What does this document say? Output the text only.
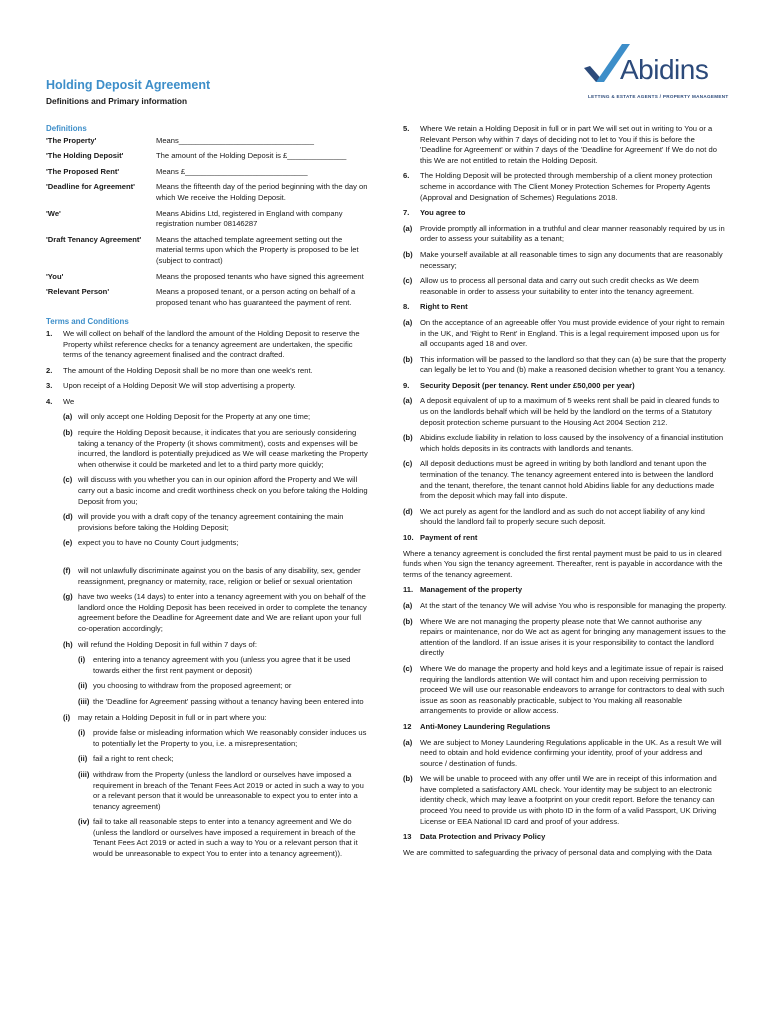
Holding Deposit Agreement
Definitions and Primary information
Abidins
LETTING & ESTATE AGENTS / PROPERTY MANAGEMENT
Definitions
'The Property'	Means________________________________
'The Holding Deposit'	The amount of the Holding Deposit is £______________
'The Proposed Rent'	Means £_____________________________
'Deadline for Agreement'	Means the fifteenth day of the period beginning with the day on which We receive the Holding Deposit.
'We'	Means Abidins Ltd, registered in England with company registration number 08146287
'Draft Tenancy Agreement'	Means the attached template agreement setting out the material terms upon which the Property is proposed to be let (subject to contract)
'You'	Means the proposed tenants who have signed this agreement
'Relevant Person'	Means a proposed tenant, or a person acting on behalf of a proposed tenant who has guaranteed the payment of rent.
Terms and Conditions
1.	We will collect on behalf of the landlord the amount of the Holding Deposit to reserve the Property whilst reference checks for a tenancy agreement are undertaken, the specific terms of the tenancy agreement finalised and the contract drafted.
2.	The amount of the Holding Deposit shall be no more than one week's rent.
3.	Upon receipt of a Holding Deposit We will stop advertising a property.
4.	We
(a) will only accept one Holding Deposit for the Property at any one time;
(b) require the Holding Deposit because, it indicates that you are seriously considering taking a tenancy of the Property (it shows commitment), costs and expenses will be incurred, the landlord is potentially prejudiced as We will cease marketing the Property when otherwise it could be marketed and let to a third party more quickly;
(c) will discuss with you whether you can in our opinion afford the Property and We will carry out a basic income and credit worthiness check on you before taking the Holding Deposit from you;
(d) will provide you with a draft copy of the tenancy agreement containing the main provisions before taking the Holding Deposit;
(e) expect you to have no County Court judgments;
(f) will not unlawfully discriminate against you on the basis of any disability, sex, gender reassignment, pregnancy or maternity, race, religion or belief or sexual orientation
(g) have two weeks (14 days) to enter into a tenancy agreement with you on behalf of the landlord once the Holding Deposit has been received in order to complete the tenancy agreement before the Deadline for Agreement date and We are reliant upon your full co-operation accordingly;
(h) will refund the Holding Deposit in full within 7 days of:
(i)	entering into a tenancy agreement with you (unless you agree that it be used towards either the first rent payment or deposit)
(ii) you choosing to withdraw from the proposed agreement; or
(iii) the 'Deadline for Agreement' passing without a tenancy having been entered into
(i)	may retain a Holding Deposit in full or in part where you:
(i)	provide false or misleading information which We reasonably consider induces us to potentially let the Property to you, i.e. a misrepresentation;
(ii) fail a right to rent check;
(iii) withdraw from the Property (unless the landlord or ourselves have imposed a requirement in breach of the Tenant Fees Act 2019 or acted in such a way to you or a relevant person that it would be unreasonable to expect you to enter into a tenancy agreement)
(iv) fail to take all reasonable steps to enter into a tenancy agreement and We do (unless the landlord or ourselves have imposed a requirement in breach of the Tenant Fees Act 2019 or acted in such a way to You or a relevant person that it would be unreasonable to expect You to enter into a tenancy agreement)).
5.	Where We retain a Holding Deposit in full or in part We will set out in writing to You or a Relevant Person why within 7 days of deciding not to let to You if this is before the 'Deadline for Agreement' or within 7 days of the 'Deadline for Agreement' If We do not do this We are not entitled to retain the Holding Deposit.
6.	The Holding Deposit will be protected through membership of a client money protection scheme in accordance with The Client Money Protection Schemes for Property Agents (Approval and Designation of Schemes) Regulations 2018.
7.	You agree to
(a)	Provide promptly all information in a truthful and clear manner reasonably required by us in order to assess your suitability as a tenant;
(b) Make yourself available at all reasonable times to sign any documents that are reasonably necessary;
(c)	Allow us to process all personal data and carry out such credit checks as We deem reasonable in order to assess your suitability to enter into the tenancy agreement.
8.	Right to Rent
(a)	On the acceptance of an agreeable offer You must provide evidence of your right to remain in the UK, and 'Right to Rent' in England. This is a legal requirement imposed upon us for all occupants aged 18 and over.
(b) This information will be passed to the landlord so that they can (a) be sure that the property can legally be let to You and (b) make a reasoned decision whether to grant You a tenancy.
9.	Security Deposit (per tenancy. Rent under £50,000 per year)
(a)	A deposit equivalent of up to a maximum of 5 weeks rent shall be paid in cleared funds to us on the landlords behalf which will be held by the landlord on the terms of a Statutory deposit protection scheme pursuant to the Housing Act 2004 Section 212.
(b) Abidins exclude liability in relation to loss caused by the insolvency of a financial institution which holds deposits in its contracts with landlords and tenants.
(c)	All deposit deductions must be agreed in writing by both landlord and tenant upon the termination of the tenancy. The tenancy agreement entered into is between the landlord and the tenant, therefore, the tenant cannot hold Abidins liable for any deductions made from the deposit which may fall into dispute.
(d) We act purely as agent for the landlord and as such do not accept liability of any kind should the landlord fail to properly secure such deposit.
10. Payment of rent
Where a tenancy agreement is concluded the first rental payment must be paid to us in cleared funds when You sign the tenancy agreement. Thereafter, rent is payable in accordance with the terms of the tenancy agreement.
11. Management of the property
(a)	At the start of the tenancy We will advise You who is responsible for managing the property.
(b) Where We are not managing the property please note that We cannot authorise any repairs or maintenance, nor do We act as agent for bringing any management issues to the attention of the landlord. If an issue arises it is your responsibility to contact the landlord directly
(c)	Where We do manage the property and hold keys and a legitimate issue of repair is raised requiring the landlords attention We will contact him and upon receiving permission to proceed We will use our reasonable endeavors to arrange for contractors to deal with such issue as soon as reasonably practicable, subject to You making all reasonable arrangements to provide or allow access.
12	Anti-Money Laundering Regulations
(a)	We are subject to Money Laundering Regulations applicable in the UK. As a result We will need to obtain and hold evidence confirming your identity, proof of your address and source / destination of funds.
(b) We will be unable to proceed with any offer until We are in receipt of this information and have completed a satisfactory AML check. Your identity may be subject to an electronic identity check, which may leave a footprint on your credit report. Before the tenancy can proceed You need to provide us with photo ID in the form of a valid Passport, UK Driving License or EEA National ID card and proof of your address.
13	Data Protection and Privacy Policy
We are committed to safeguarding the privacy of personal data and complying with the Data
